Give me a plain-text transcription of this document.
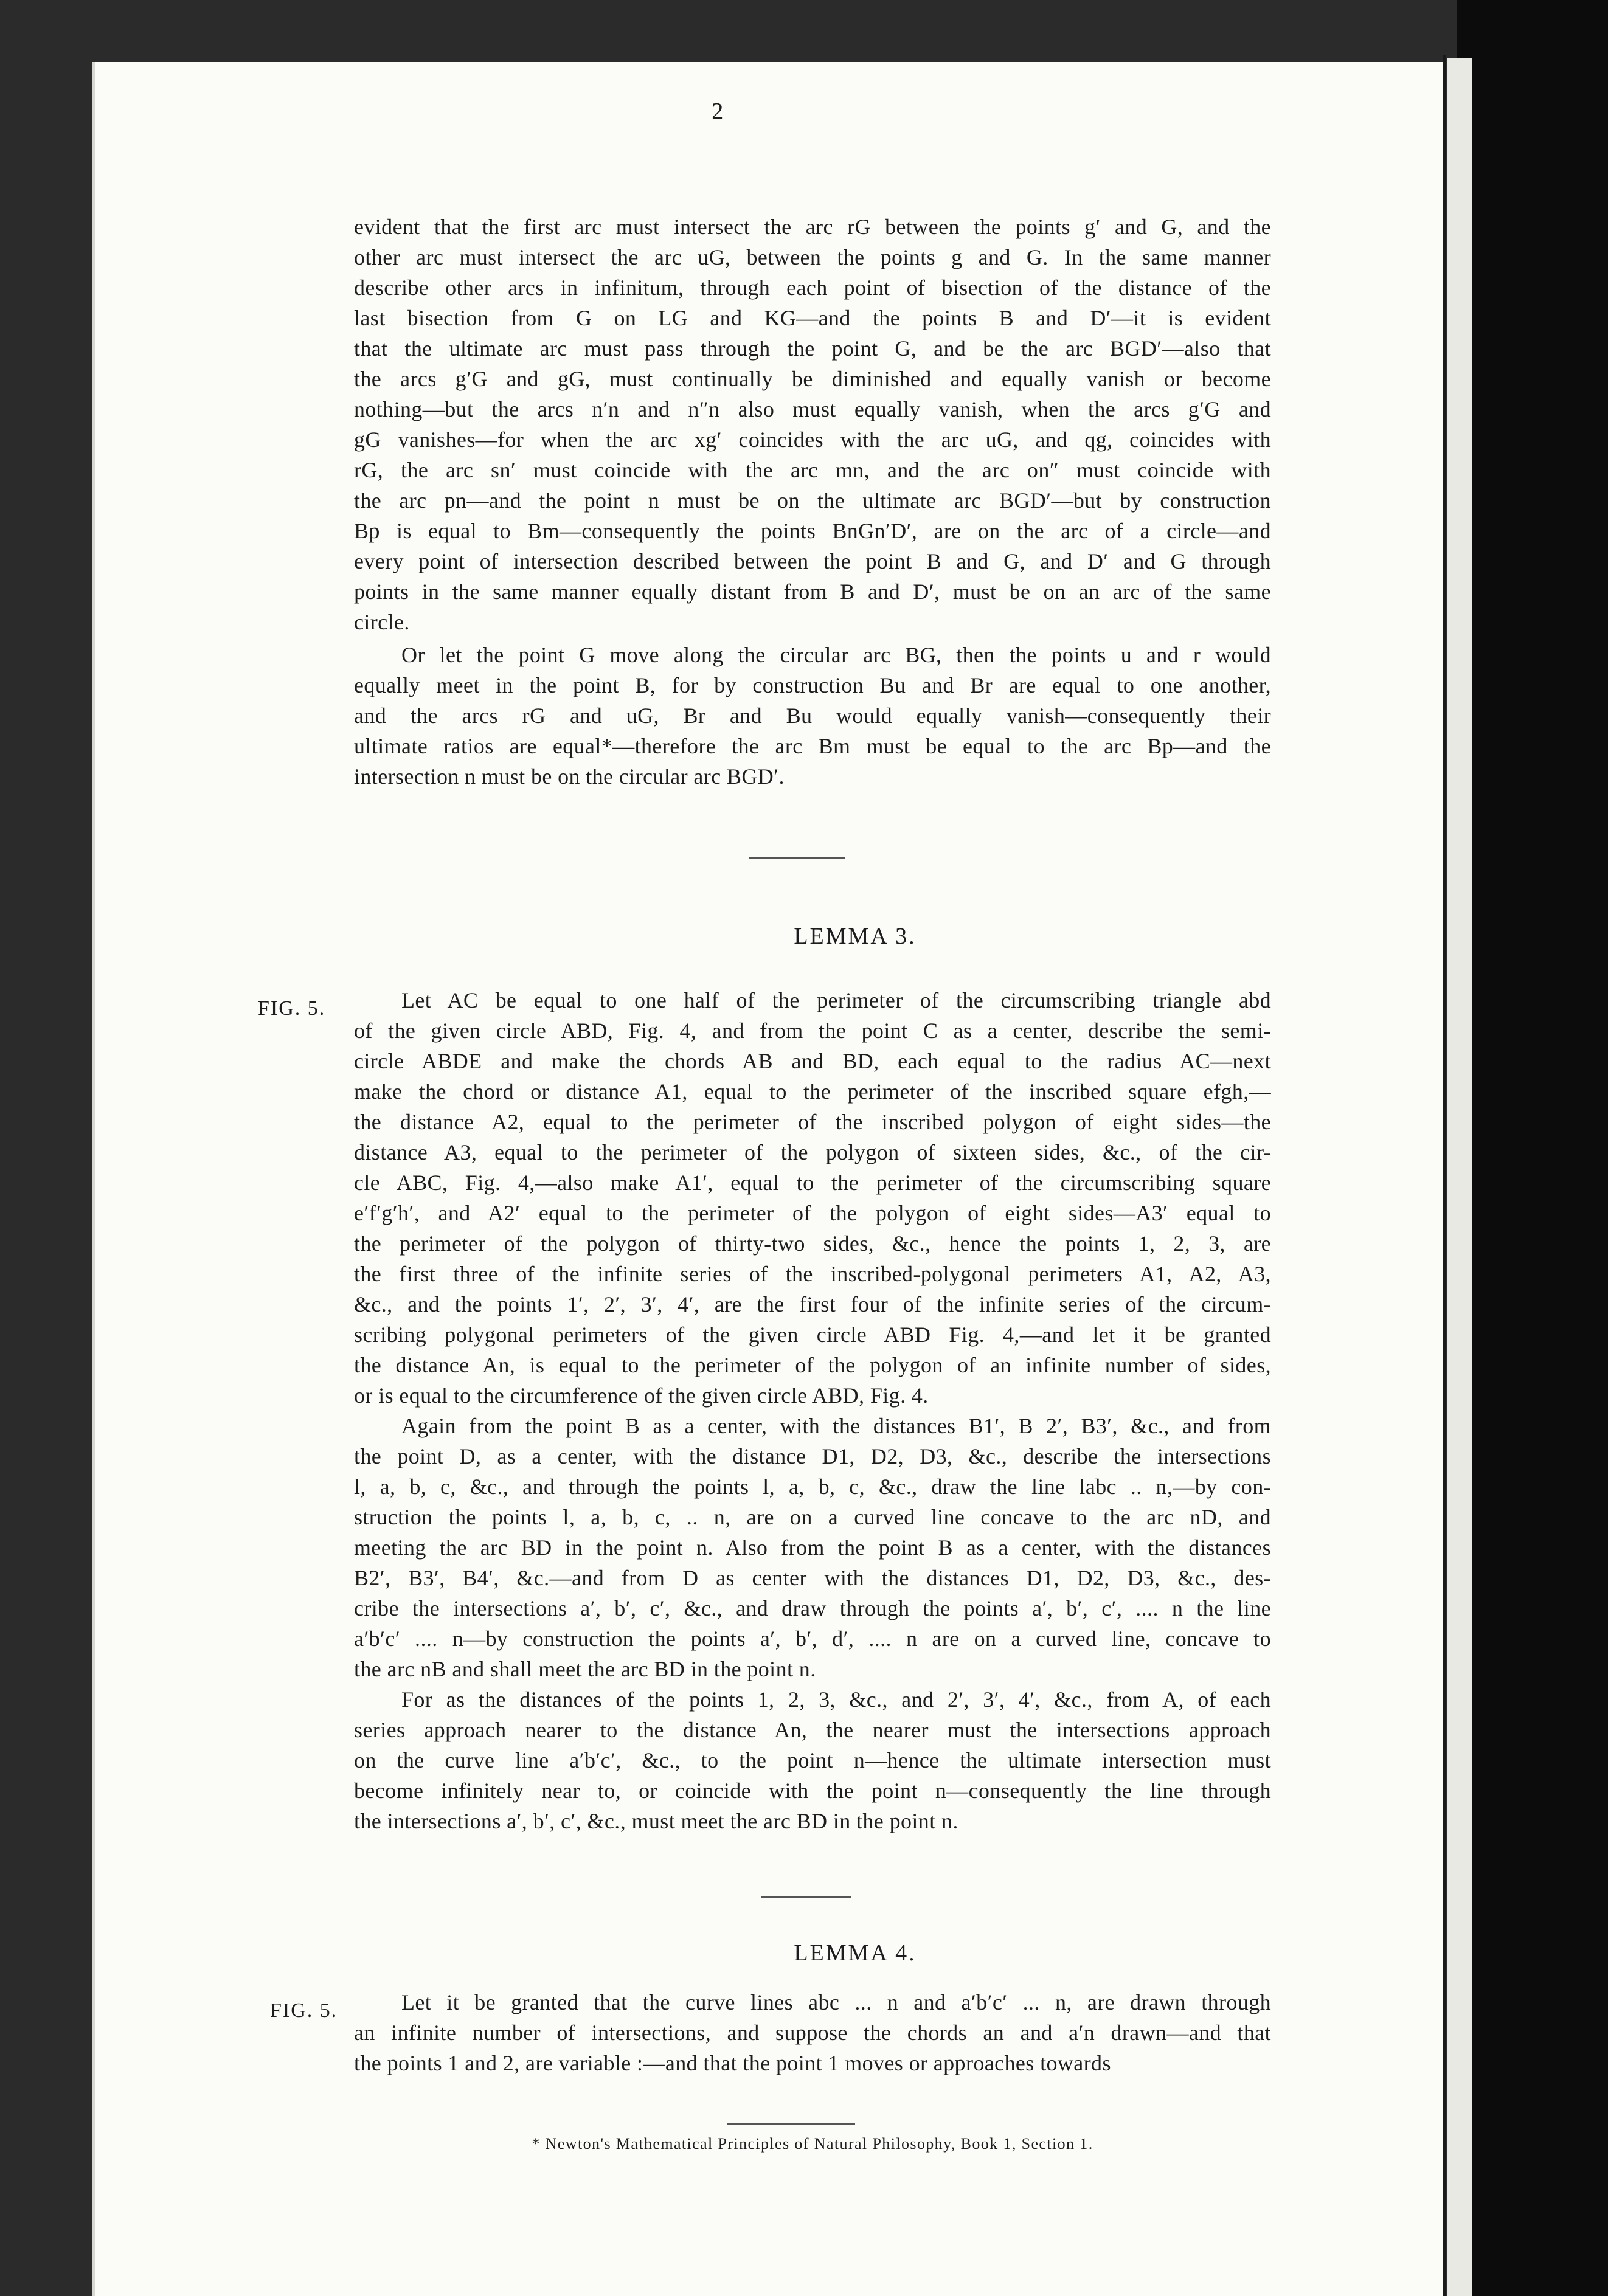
2
evident that the first arc must intersect the arc rG between the points g′ and G, and the
other arc must intersect the arc uG, between the points g and G. In the same manner
describe other arcs in infinitum, through each point of bisection of the distance of the
last bisection from G on LG and KG—and the points B and D′—it is evident
that the ultimate arc must pass through the point G, and be the arc BGD′—also that
the arcs g′G and gG, must continually be diminished and equally vanish or become
nothing—but the arcs n′n and n″n also must equally vanish, when the arcs g′G and
gG vanishes—for when the arc xg′ coincides with the arc uG, and qg, coincides with
rG, the arc sn′ must coincide with the arc mn, and the arc on″ must coincide with
the arc pn—and the point n must be on the ultimate arc BGD′—but by construction
Bp is equal to Bm—consequently the points BnGn′D′, are on the arc of a circle—and
every point of intersection described between the point B and G, and D′ and G through
points in the same manner equally distant from B and D′, must be on an arc of the same
circle.
Or let the point G move along the circular arc BG, then the points u and r would
equally meet in the point B, for by construction Bu and Br are equal to one another,
and the arcs rG and uG, Br and Bu would equally vanish—consequently their
ultimate ratios are equal*—therefore the arc Bm must be equal to the arc Bp—and the
intersection n must be on the circular arc BGD′.
LEMMA 3.
FIG. 5.	Let AC be equal to one half of the perimeter of the circumscribing triangle abd
of the given circle ABD, Fig. 4, and from the point C as a center, describe the semi-
circle ABDE and make the chords AB and BD, each equal to the radius AC—next
make the chord or distance A1, equal to the perimeter of the inscribed square efgh,—
the distance A2, equal to the perimeter of the inscribed polygon of eight sides—the
distance A3, equal to the perimeter of the polygon of sixteen sides, &c., of the cir-
cle ABC, Fig. 4,—also make A1′, equal to the perimeter of the circumscribing square
e′f′g′h′, and A2′ equal to the perimeter of the polygon of eight sides—A3′ equal to
the perimeter of the polygon of thirty-two sides, &c., hence the points 1, 2, 3, are
the first three of the infinite series of the inscribed-polygonal perimeters A1, A2, A3,
&c., and the points 1′, 2′, 3′, 4′, are the first four of the infinite series of the circum-
scribing polygonal perimeters of the given circle ABD Fig. 4,—and let it be granted
the distance An, is equal to the perimeter of the polygon of an infinite number of sides,
or is equal to the circumference of the given circle ABD, Fig. 4.
Again from the point B as a center, with the distances B1′, B 2′, B3′, &c., and from
the point D, as a center, with the distance D1, D2, D3, &c., describe the intersections
l, a, b, c, &c., and through the points l, a, b, c, &c., draw the line labc .. n,—by con-
struction the points l, a, b, c, .. n, are on a curved line concave to the arc nD, and
meeting the arc BD in the point n. Also from the point B as a center, with the distances
B2′, B3′, B4′, &c.—and from D as center with the distances D1, D2, D3, &c., des-
cribe the intersections a′, b′, c′, &c., and draw through the points a′, b′, c′, .... n the line
a′b′c′ .... n—by construction the points a′, b′, d′, .... n are on a curved line, concave to
the arc nB and shall meet the arc BD in the point n.
For as the distances of the points 1, 2, 3, &c., and 2′, 3′, 4′, &c., from A, of each
series approach nearer to the distance An, the nearer must the intersections approach
on the curve line a′b′c′, &c., to the point n—hence the ultimate intersection must
become infinitely near to, or coincide with the point n—consequently the line through
the intersections a′, b′, c′, &c., must meet the arc BD in the point n.
LEMMA 4.
FIG. 5.	Let it be granted that the curve lines abc ... n and a′b′c′ ... n, are drawn through
an infinite number of intersections, and suppose the chords an and a′n drawn—and that
the points 1 and 2, are variable :—and that the point 1 moves or approaches towards
* Newton's Mathematical Principles of Natural Philosophy, Book 1, Section 1.
